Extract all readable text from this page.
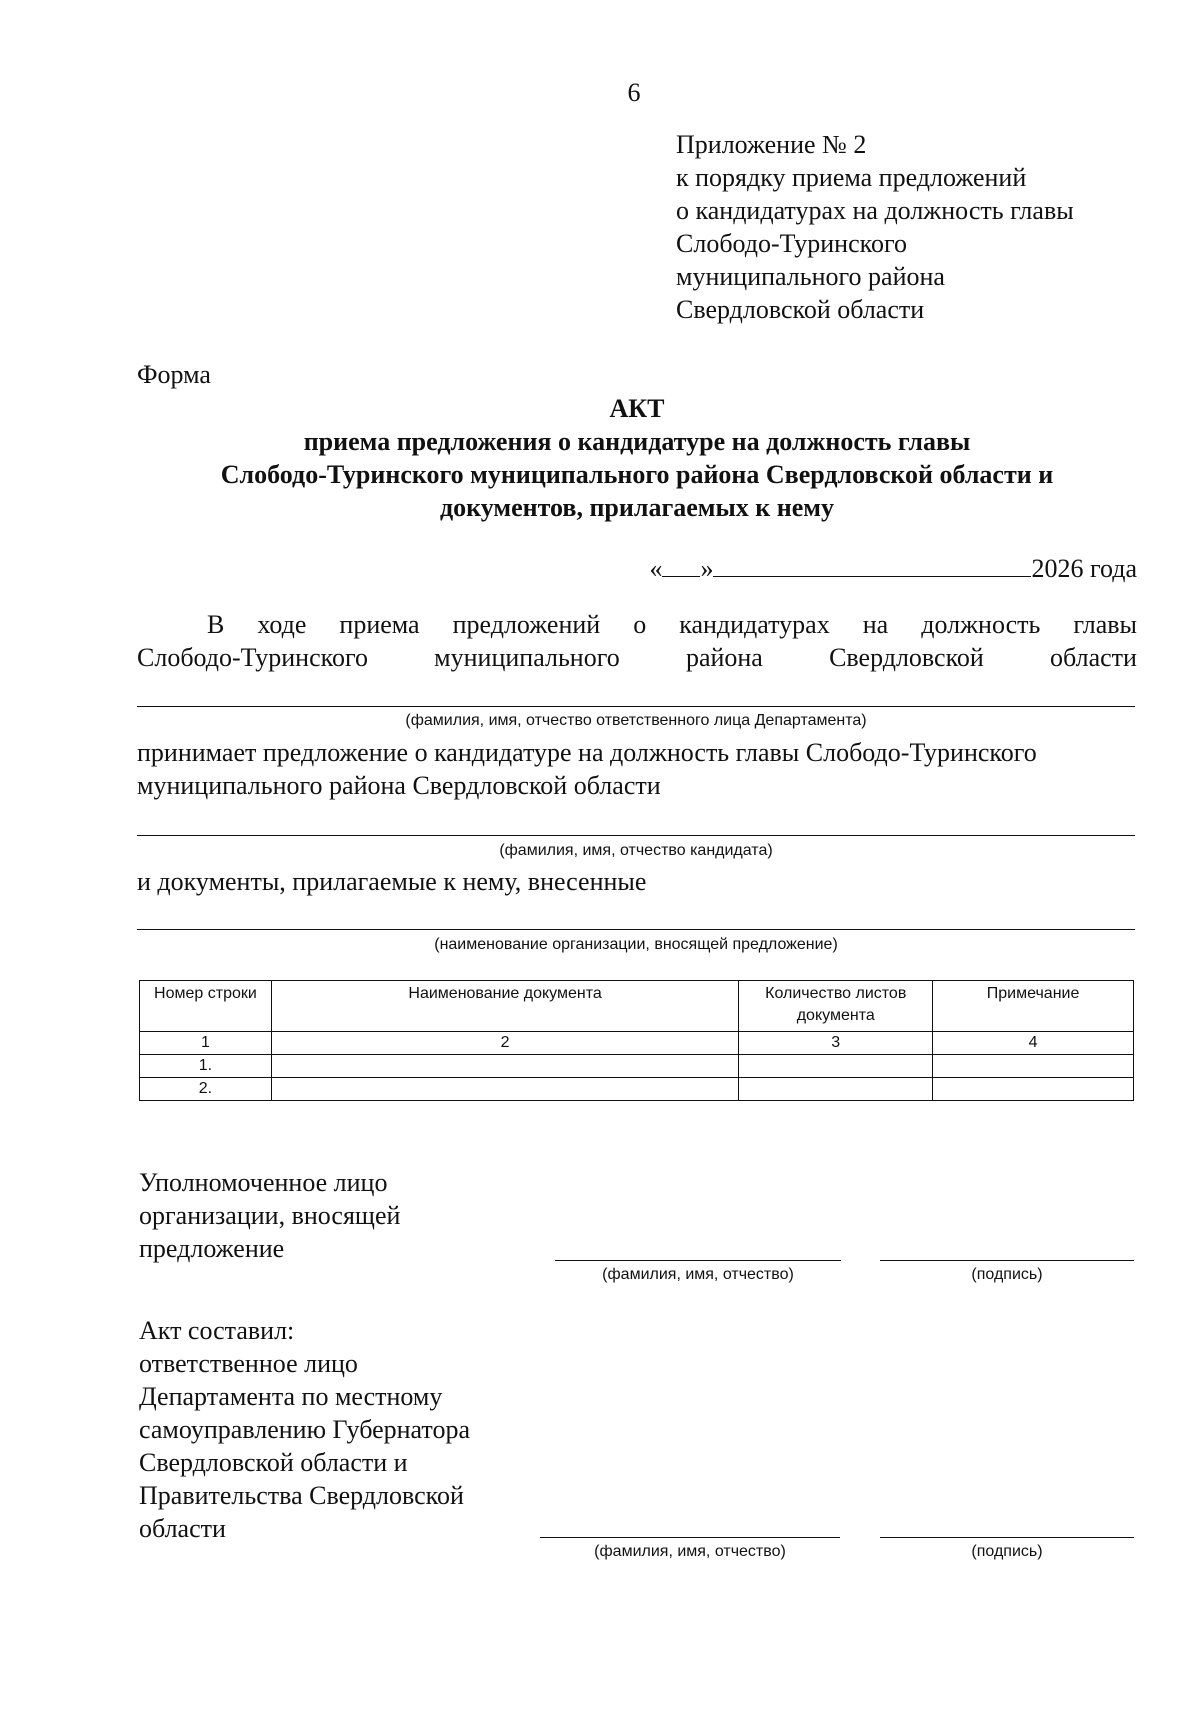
6
Приложение № 2
к порядку приема предложений
о кандидатурах на должность главы
Слободо-Туринского
муниципального района
Свердловской области
Форма
АКТ
приема предложения о кандидатуре на должность главы
Слободо-Туринского муниципального района Свердловской области и
документов, прилагаемых к нему
« »	2026 года
В ходе приема предложений о кандидатурах на должность главы
Слободо-Туринского	муниципального	района	Свердловской	области
(фамилия, имя, отчество ответственного лица Департамента)
принимает предложение о кандидатуре на должность главы Слободо-Туринского
муниципального района Свердловской области
(фамилия, имя, отчество кандидата)
и документы, прилагаемые к нему, внесенные
(наименование организации, вносящей предложение)
Номер строки	Наименование документа	Количество листов документа	Примечание
1	2	3	4
1.			
2.			
Уполномоченное лицо
организации, вносящей
предложение
(фамилия, имя, отчество)	(подпись)
Акт составил:
ответственное лицо
Департамента по местному
самоуправлению Губернатора
Свердловской области и
Правительства Свердловской
области
(фамилия, имя, отчество)	(подпись)
